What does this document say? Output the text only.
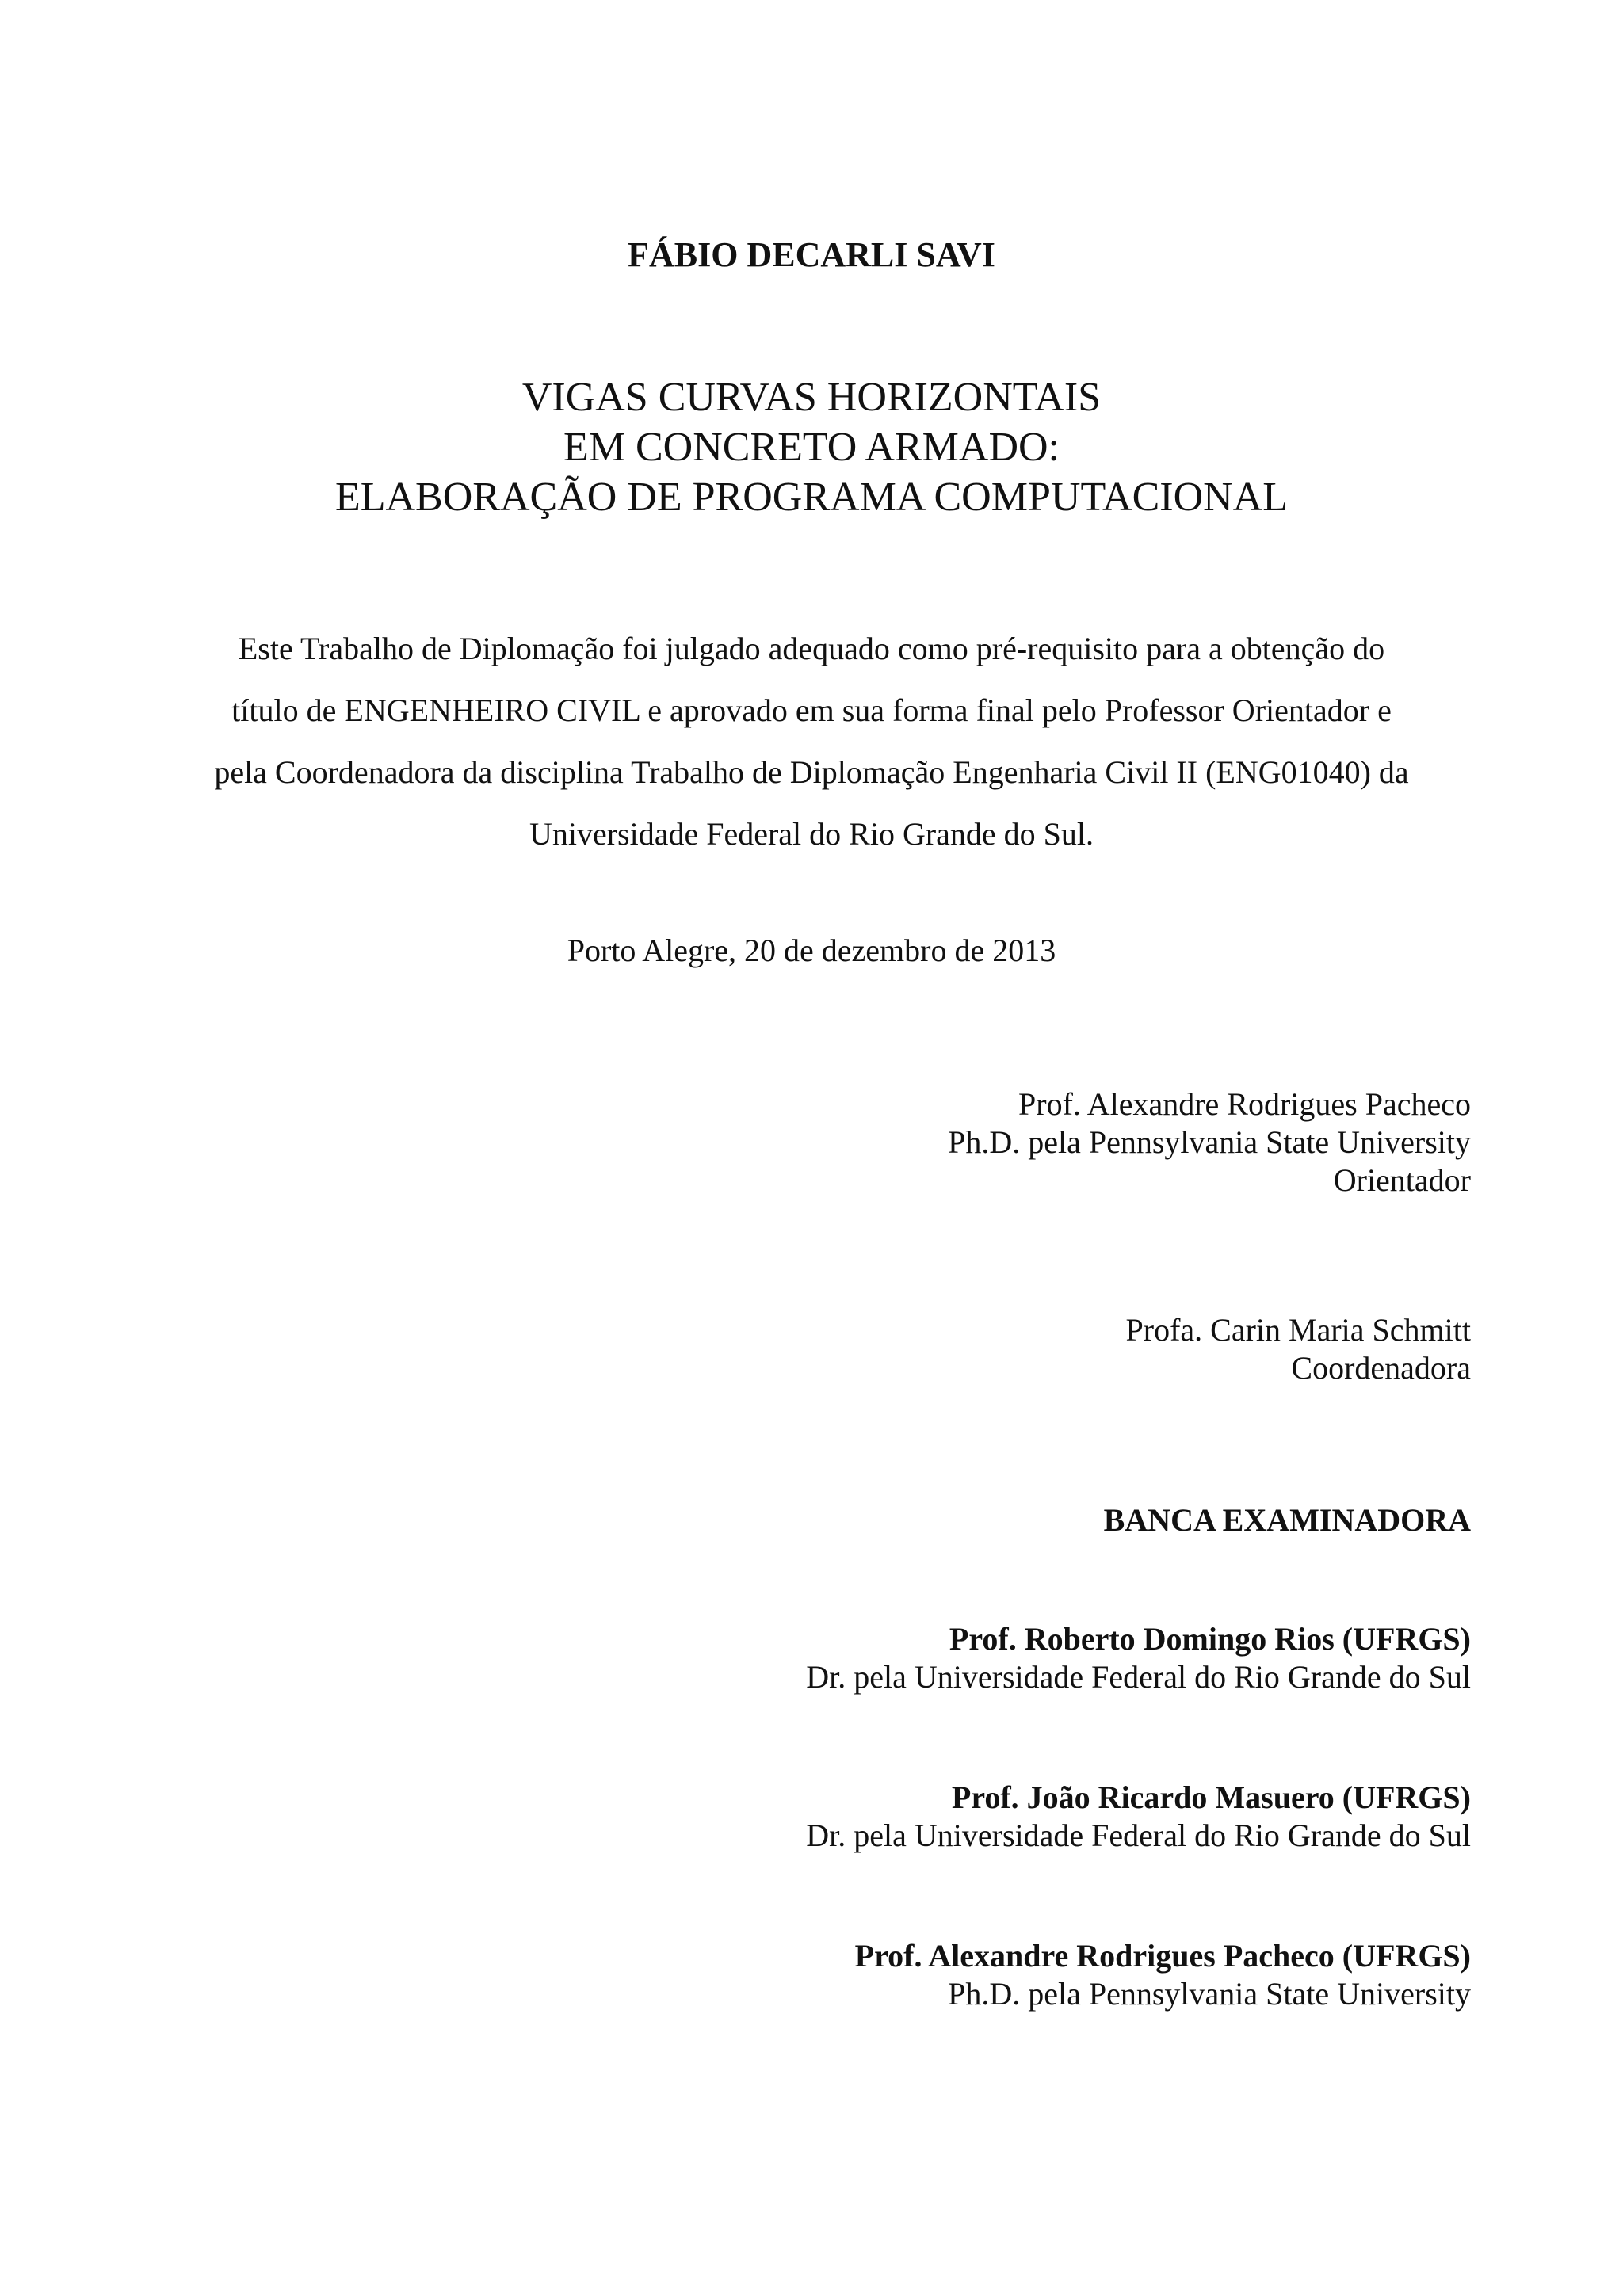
FÁBIO DECARLI SAVI
VIGAS CURVAS HORIZONTAIS
EM CONCRETO ARMADO:
ELABORAÇÃO DE PROGRAMA COMPUTACIONAL
Este Trabalho de Diplomação foi julgado adequado como pré-requisito para a obtenção do
título de ENGENHEIRO CIVIL e aprovado em sua forma final pelo Professor Orientador e
pela Coordenadora da disciplina Trabalho de Diplomação Engenharia Civil II (ENG01040) da
Universidade Federal do Rio Grande do Sul.
Porto Alegre, 20 de dezembro de 2013
Prof. Alexandre Rodrigues Pacheco
Ph.D. pela Pennsylvania State University
Orientador
Profa. Carin Maria Schmitt
Coordenadora
BANCA EXAMINADORA
Prof. Roberto Domingo Rios (UFRGS)
Dr. pela Universidade Federal do Rio Grande do Sul
Prof. João Ricardo Masuero (UFRGS)
Dr. pela Universidade Federal do Rio Grande do Sul
Prof. Alexandre Rodrigues Pacheco (UFRGS)
Ph.D. pela Pennsylvania State University
